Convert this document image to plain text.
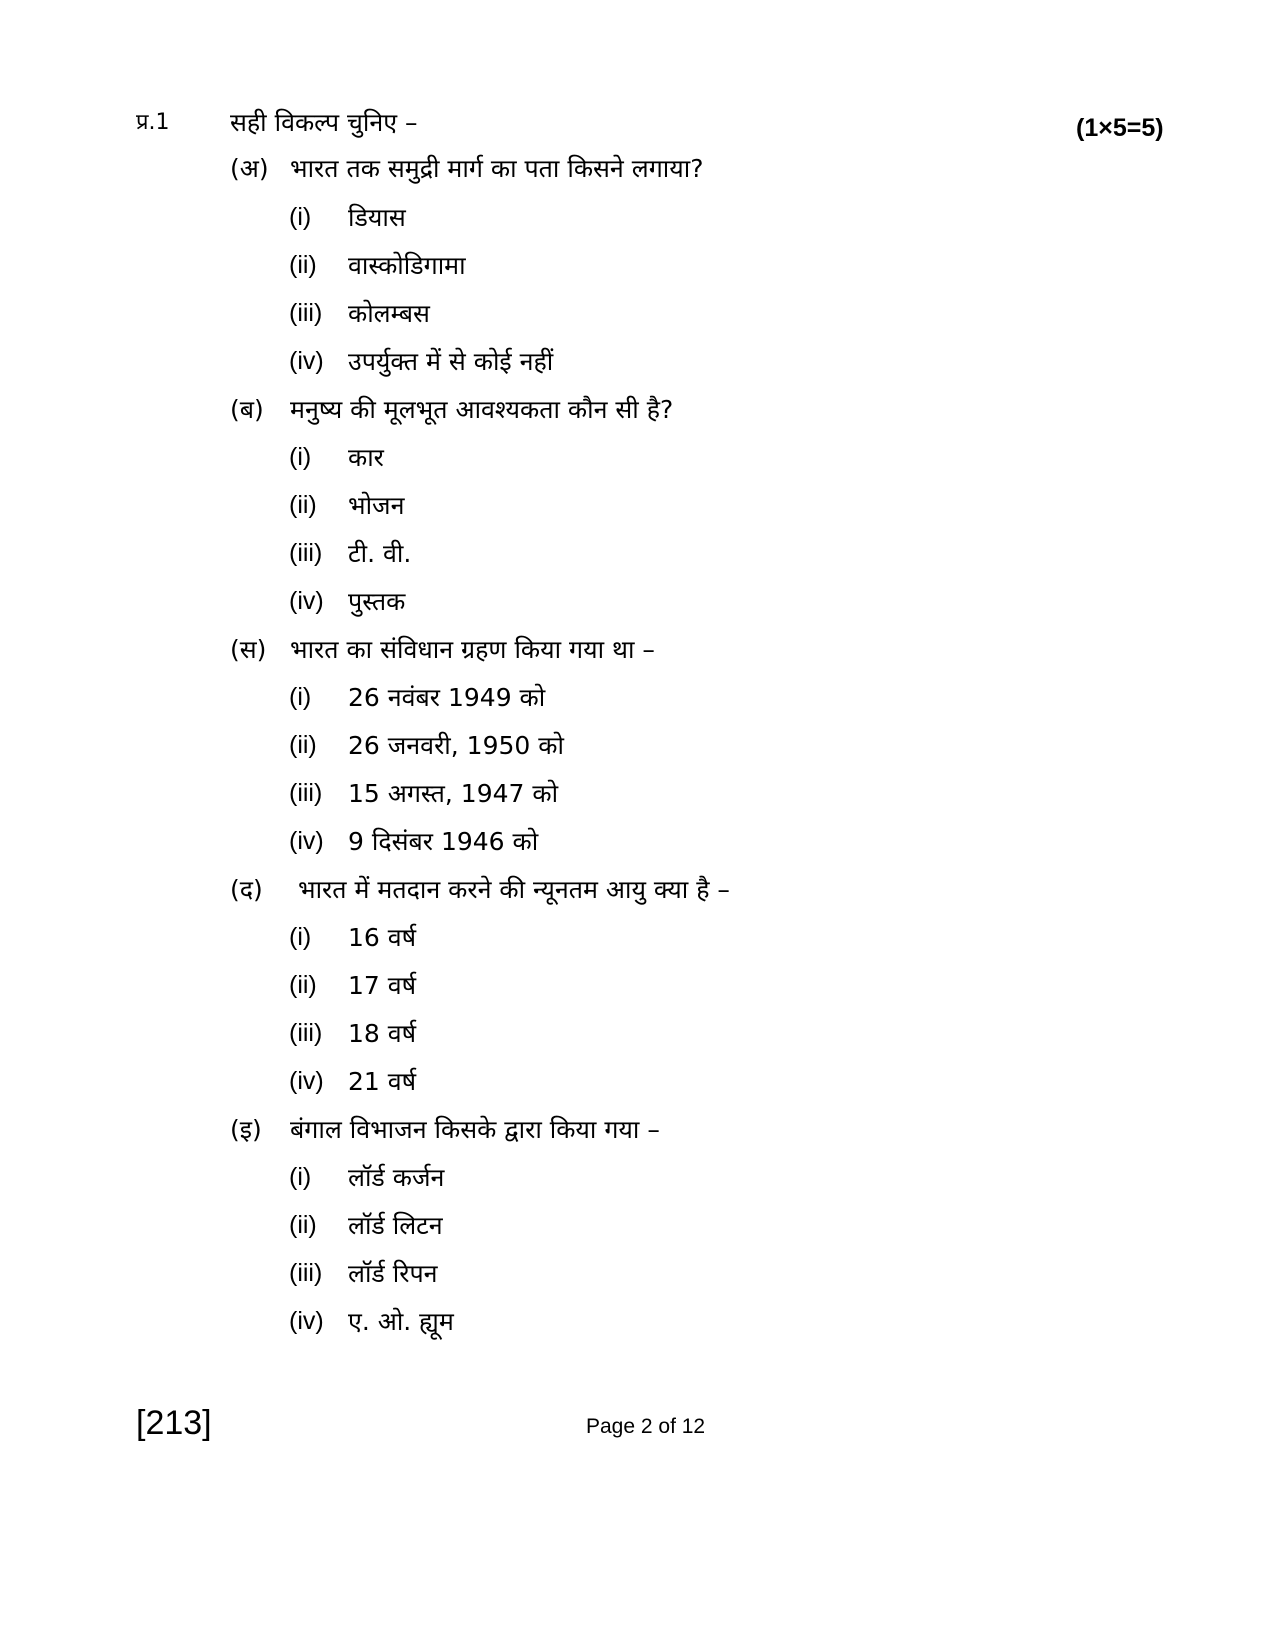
प्र.1 सही विकल्प चुनिए –	(1×5=5)
(अ) भारत तक समुद्री मार्ग का पता किसने लगाया?
(i) डियास
(ii) वास्कोडिगामा
(iii) कोलम्बस
(iv) उपर्युक्त में से कोई नहीं
(ब) मनुष्य की मूलभूत आवश्यकता कौन सी है?
(i) कार
(ii) भोजन
(iii) टी. वी.
(iv) पुस्तक
(स) भारत का संविधान ग्रहण किया गया था –
(i) 26 नवंबर 1949 को
(ii) 26 जनवरी, 1950 को
(iii) 15 अगस्त, 1947 को
(iv) 9 दिसंबर 1946 को
(द) भारत में मतदान करने की न्यूनतम आयु क्या है –
(i) 16 वर्ष
(ii) 17 वर्ष
(iii) 18 वर्ष
(iv) 21 वर्ष
(इ) बंगाल विभाजन किसके द्वारा किया गया –
(i) लॉर्ड कर्जन
(ii) लॉर्ड लिटन
(iii) लॉर्ड रिपन
(iv) ए. ओ. ह्यूम
[213]	Page 2 of 12
